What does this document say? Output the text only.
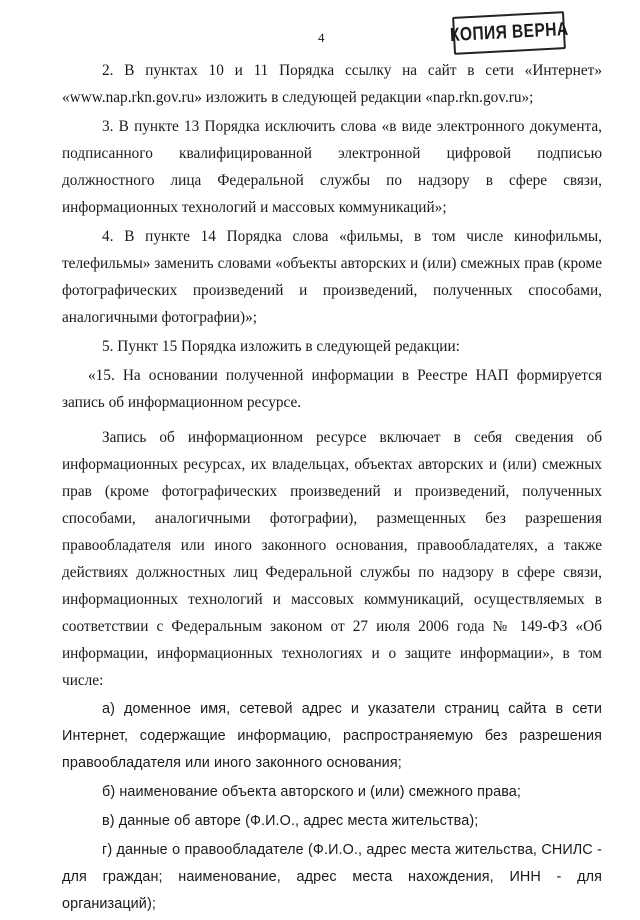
4	КОПИЯ ВЕРНА

2. В пунктах 10 и 11 Порядка ссылку на сайт в сети «Интернет» «www.nap.rkn.gov.ru» изложить в следующей редакции «nap.rkn.gov.ru»;

3. В пункте 13 Порядка исключить слова «в виде электронного документа, подписанного квалифицированной электронной цифровой подписью должностного лица Федеральной службы по надзору в сфере связи, информационных технологий и массовых коммуникаций»;

4. В пункте 14 Порядка слова «фильмы, в том числе кинофильмы, телефильмы» заменить словами «объекты авторских и (или) смежных прав (кроме фотографических произведений и произведений, полученных способами, аналогичными фотографии)»;

5. Пункт 15 Порядка изложить в следующей редакции:

«15. На основании полученной информации в Реестре НАП формируется запись об информационном ресурсе.

Запись об информационном ресурсе включает в себя сведения об информационных ресурсах, их владельцах, объектах авторских и (или) смежных прав (кроме фотографических произведений и произведений, полученных способами, аналогичными фотографии), размещенных без разрешения правообладателя или иного законного основания, правообладателях, а также действиях должностных лиц Федеральной службы по надзору в сфере связи, информационных технологий и массовых коммуникаций, осуществляемых в соответствии с Федеральным законом от 27 июля 2006 года № 149-ФЗ «Об информации, информационных технологиях и о защите информации», в том числе:

а) доменное имя, сетевой адрес и указатели страниц сайта в сети Интернет, содержащие информацию, распространяемую без разрешения правообладателя или иного законного основания;

б) наименование объекта авторского и (или) смежного права;

в) данные об авторе (Ф.И.О., адрес места жительства);

г) данные о правообладателе (Ф.И.О., адрес места жительства, СНИЛС - для граждан; наименование, адрес места нахождения, ИНН - для организаций);
